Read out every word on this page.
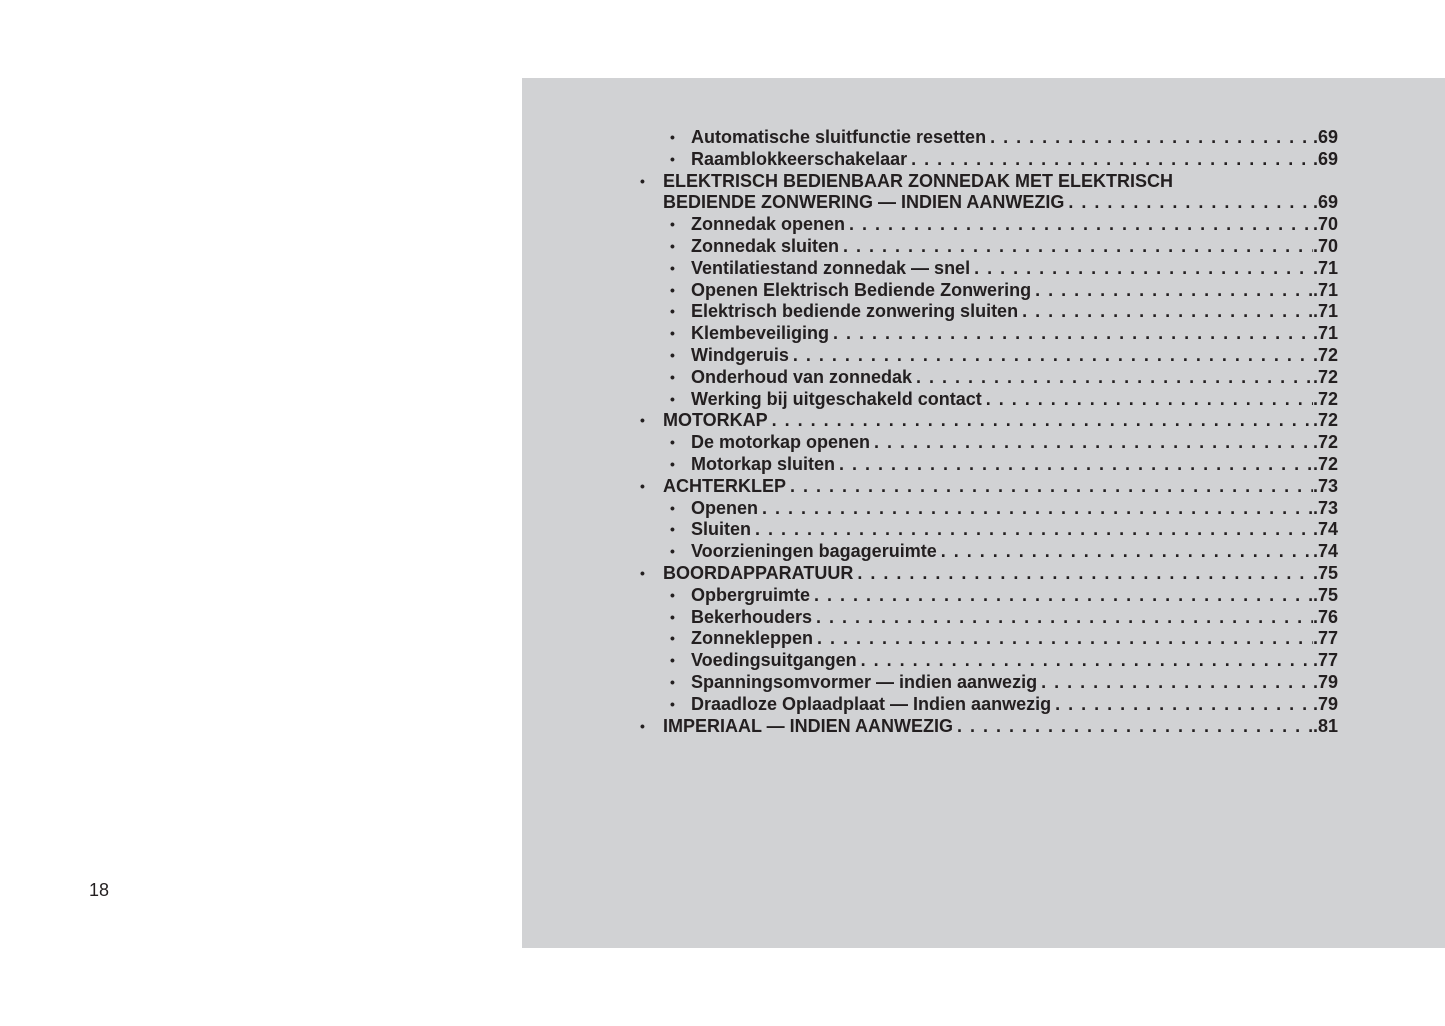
• Automatische sluitfunctie resetten . . .	.69
• Raamblokkeerschakelaar . . .	.69
• ELEKTRISCH BEDIENBAAR ZONNEDAK MET ELEKTRISCH
BEDIENDE ZONWERING — INDIEN AANWEZIG . . .	.69
• Zonnedak openen . . .	.70
• Zonnedak sluiten . . .	.70
• Ventilatiestand zonnedak — snel . . .	.71
• Openen Elektrisch Bediende Zonwering . . .	.71
• Elektrisch bediende zonwering sluiten . . .	.71
• Klembeveiliging . . .	.71
• Windgeruis . . .	.72
• Onderhoud van zonnedak . . .	.72
• Werking bij uitgeschakeld contact . . .	.72
• MOTORKAP . . .	.72
• De motorkap openen . . .	.72
• Motorkap sluiten . . .	.72
• ACHTERKLEP . . .	.73
• Openen . . .	.73
• Sluiten . . .	.74
• Voorzieningen bagageruimte . . .	.74
• BOORDAPPARATUUR . . .	.75
• Opbergruimte . . .	.75
• Bekerhouders . . .	.76
• Zonnekleppen . . .	.77
• Voedingsuitgangen . . .	.77
• Spanningsomvormer — indien aanwezig . . .	.79
• Draadloze Oplaadplaat — Indien aanwezig . . .	.79
• IMPERIAAL — INDIEN AANWEZIG . . .	.81
18
